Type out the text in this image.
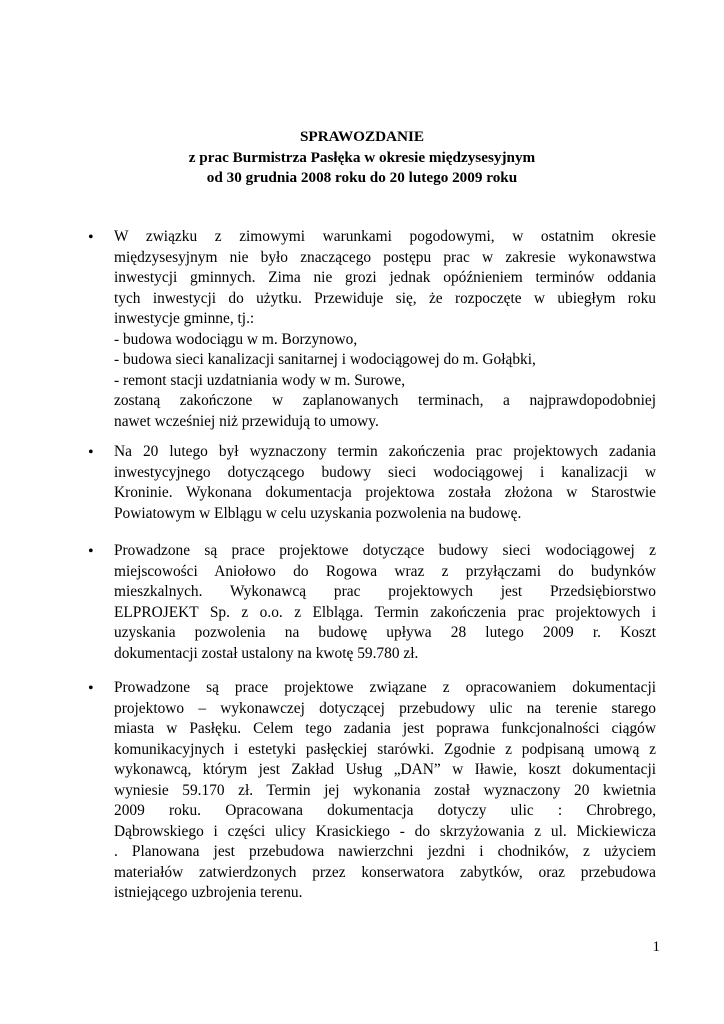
SPRAWOZDANIE
z prac Burmistrza Pasłęka w okresie międzysesyjnym
od 30 grudnia 2008 roku do 20 lutego 2009 roku
• W związku z zimowymi warunkami pogodowymi, w ostatnim okresie
międzysesyjnym nie było znaczącego postępu prac w zakresie wykonawstwa
inwestycji gminnych. Zima nie grozi jednak opóźnieniem terminów oddania
tych inwestycji do użytku. Przewiduje się, że rozpoczęte w ubiegłym roku
inwestycje gminne, tj.:
- budowa wodociągu w m. Borzynowo,
- budowa sieci kanalizacji sanitarnej i wodociągowej do m. Gołąbki,
- remont stacji uzdatniania wody w m. Surowe,
zostaną zakończone w zaplanowanych terminach, a najprawdopodobniej
nawet wcześniej niż przewidują to umowy.
• Na 20 lutego był wyznaczony termin zakończenia prac projektowych zadania
inwestycyjnego dotyczącego budowy sieci wodociągowej i kanalizacji w
Kroninie. Wykonana dokumentacja projektowa została złożona w Starostwie
Powiatowym w Elblągu w celu uzyskania pozwolenia na budowę.
• Prowadzone są prace projektowe dotyczące budowy sieci wodociągowej z
miejscowości Aniołowo do Rogowa wraz z przyłączami do budynków
mieszkalnych. Wykonawcą prac projektowych jest Przedsiębiorstwo
ELPROJEKT Sp. z o.o. z Elbląga. Termin zakończenia prac projektowych i
uzyskania pozwolenia na budowę upływa 28 lutego 2009 r. Koszt
dokumentacji został ustalony na kwotę 59.780 zł.
• Prowadzone są prace projektowe związane z opracowaniem dokumentacji
projektowo – wykonawczej dotyczącej przebudowy ulic na terenie starego
miasta w Pasłęku. Celem tego zadania jest poprawa funkcjonalności ciągów
komunikacyjnych i estetyki pasłęckiej starówki. Zgodnie z podpisaną umową z
wykonawcą, którym jest Zakład Usług „DAN” w Iławie, koszt dokumentacji
wyniesie 59.170 zł. Termin jej wykonania został wyznaczony 20 kwietnia
2009 roku. Opracowana dokumentacja dotyczy ulic : Chrobrego,
Dąbrowskiego i części ulicy Krasickiego - do skrzyżowania z ul. Mickiewicza
. Planowana jest przebudowa nawierzchni jezdni i chodników, z użyciem
materiałów zatwierdzonych przez konserwatora zabytków, oraz przebudowa
istniejącego uzbrojenia terenu.
1
